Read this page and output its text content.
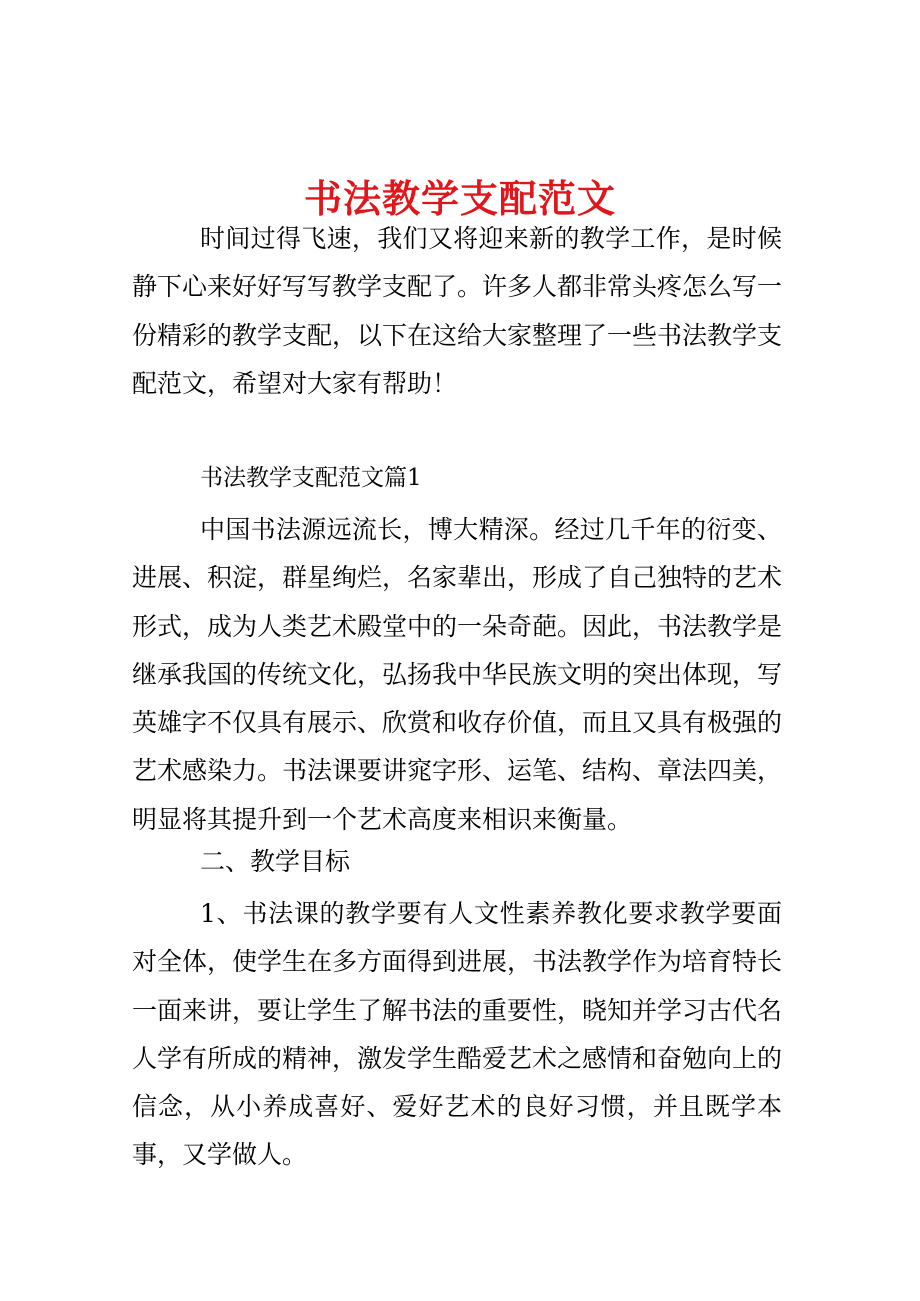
书法教学支配范文

时间过得飞速，我们又将迎来新的教学工作，是时候静下心来好好写写教学支配了。许多人都非常头疼怎么写一份精彩的教学支配，以下在这给大家整理了一些书法教学支配范文，希望对大家有帮助！

书法教学支配范文篇1

中国书法源远流长，博大精深。经过几千年的衍变、进展、积淀，群星绚烂，名家辈出，形成了自己独特的艺术形式，成为人类艺术殿堂中的一朵奇葩。因此，书法教学是继承我国的传统文化，弘扬我中华民族文明的突出体现，写英雄字不仅具有展示、欣赏和收存价值，而且又具有极强的艺术感染力。书法课要讲窕字形、运笔、结构、章法四美，明显将其提升到一个艺术高度来相识来衡量。

二、教学目标

1、书法课的教学要有人文性素养教化要求教学要面对全体，使学生在多方面得到进展，书法教学作为培育特长一面来讲，要让学生了解书法的重要性，晓知并学习古代名人学有所成的精神，激发学生酷爱艺术之感情和奋勉向上的信念，从小养成喜好、爱好艺术的良好习惯，并且既学本事，又学做人。
